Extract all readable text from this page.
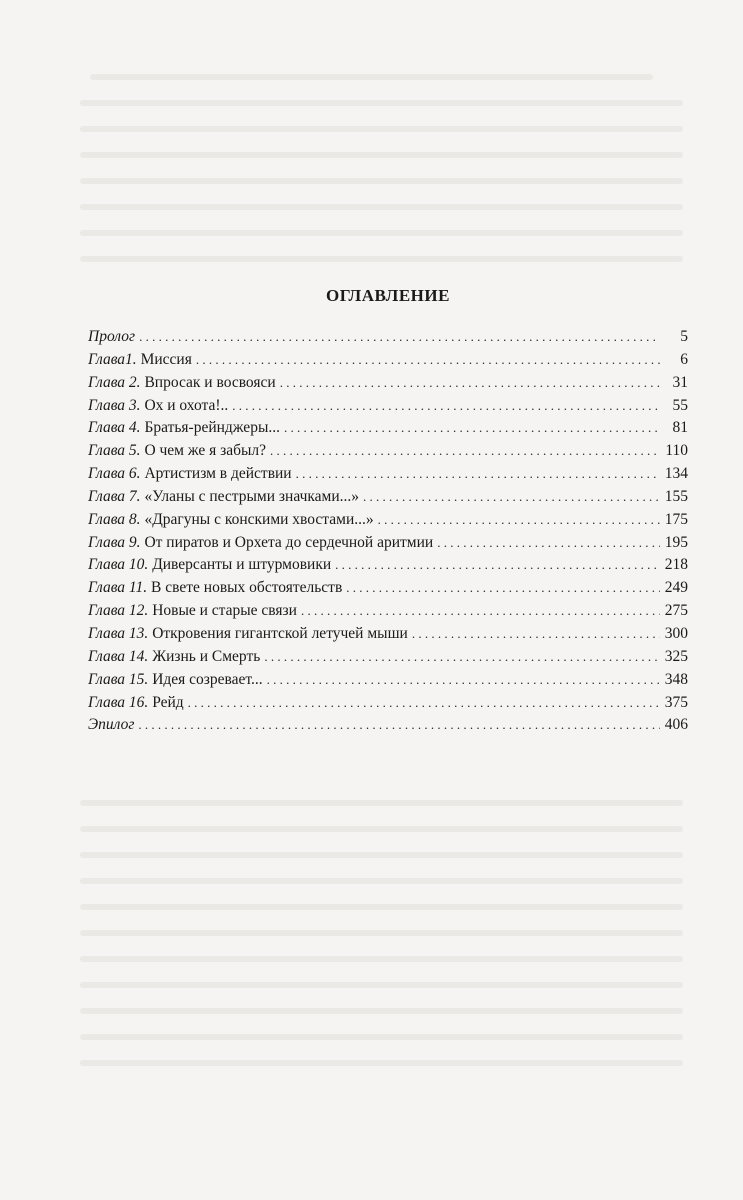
ОГЛАВЛЕНИЕ
Пролог . . .	5
Глава1. Миссия . . .	6
Глава 2. Впросак и восвояси . . .	31
Глава 3. Ох и охота!.. . . .	55
Глава 4. Братья-рейнджеры... . . .	81
Глава 5. О чем же я забыл? . . .	110
Глава 6. Артистизм в действии . . .	134
Глава 7. «Уланы с пестрыми значками...» . . .	155
Глава 8. «Драгуны с конскими хвостами...» . . .	175
Глава 9. От пиратов и Орхета до сердечной аритмии . . .	195
Глава 10. Диверсанты и штурмовики . . .	218
Глава 11. В свете новых обстоятельств . . .	249
Глава 12. Новые и старые связи . . .	275
Глава 13. Откровения гигантской летучей мыши . . .	300
Глава 14. Жизнь и Смерть . . .	325
Глава 15. Идея созревает... . . .	348
Глава 16. Рейд . . .	375
Эпилог . . .	406
